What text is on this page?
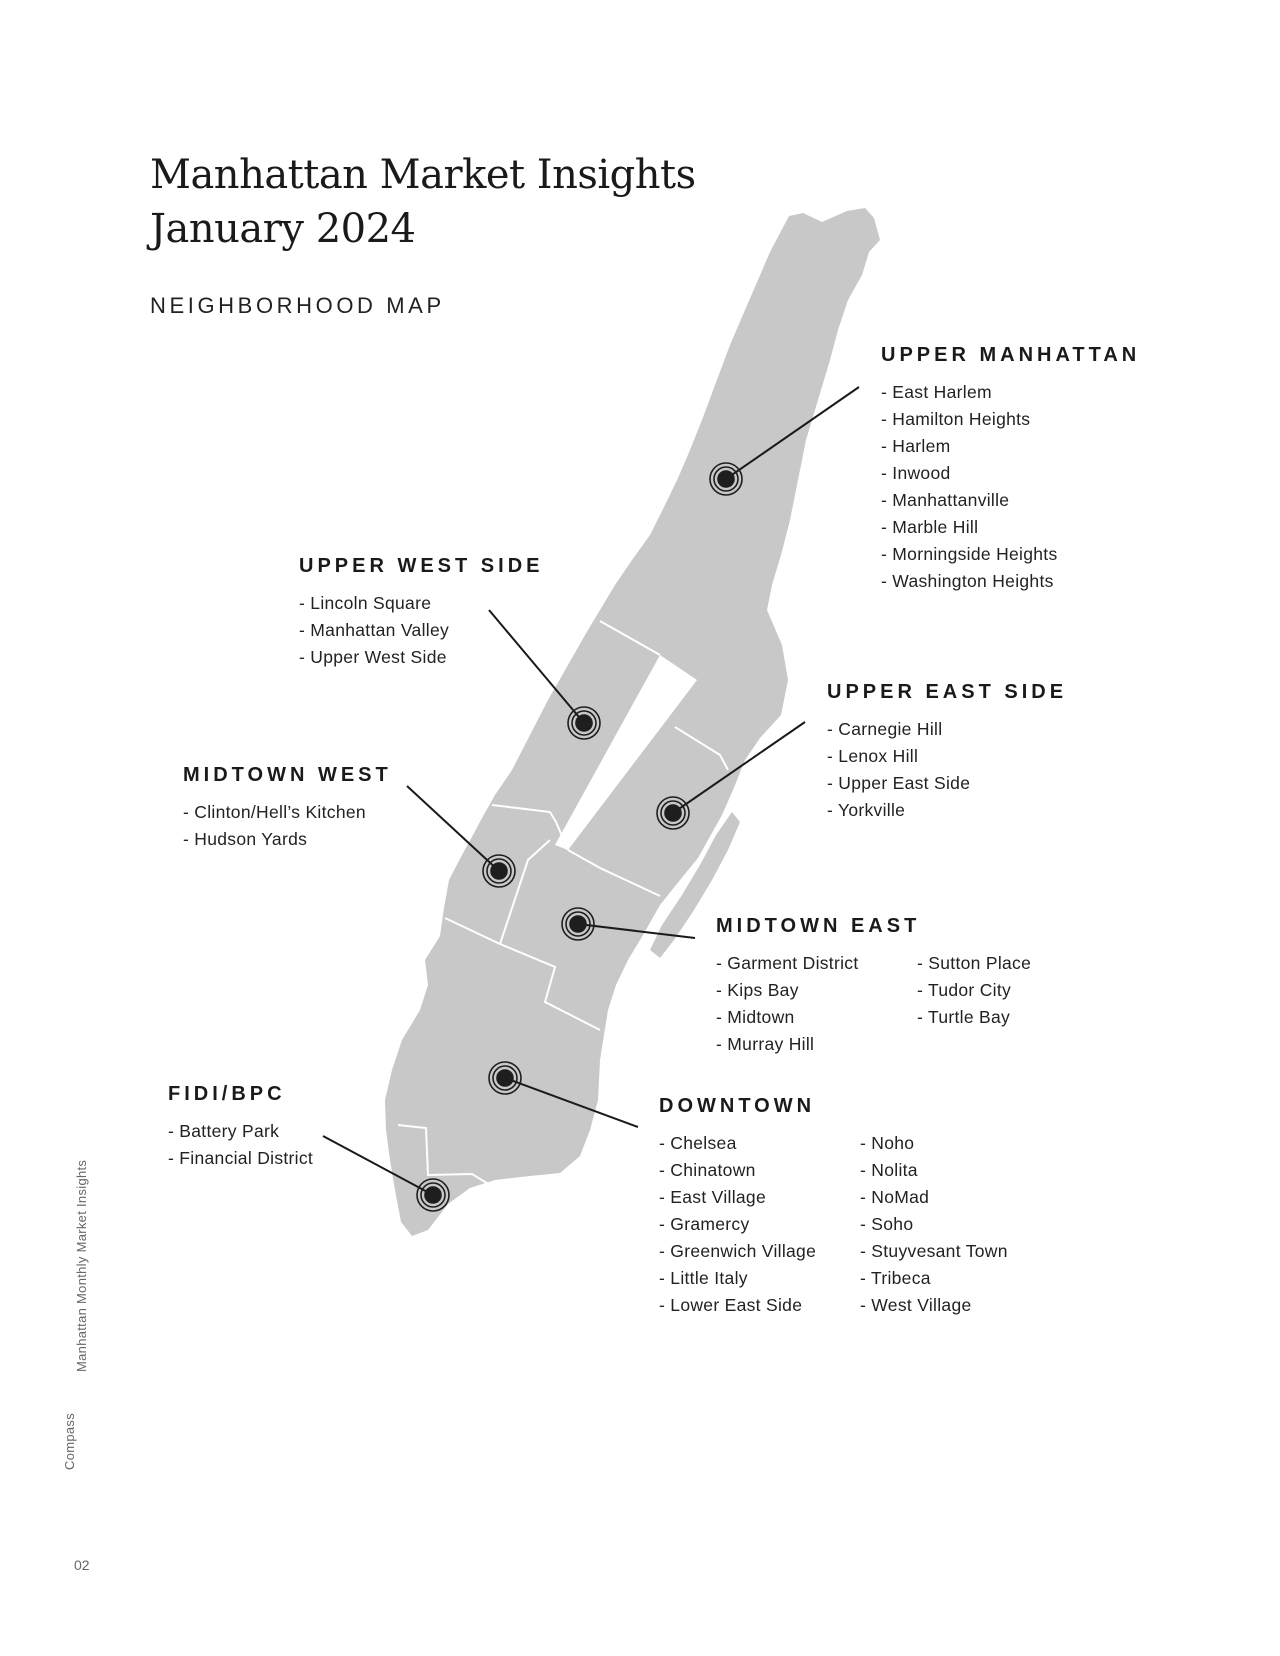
Manhattan Market Insights
January 2024
NEIGHBORHOOD MAP
UPPER MANHATTAN
- East Harlem
- Hamilton Heights
- Harlem
- Inwood
- Manhattanville
- Marble Hill
- Morningside Heights
- Washington Heights
UPPER WEST SIDE
- Lincoln Square
- Manhattan Valley
- Upper West Side
UPPER EAST SIDE
- Carnegie Hill
- Lenox Hill
- Upper East Side
- Yorkville
MIDTOWN WEST
- Clinton/Hell’s Kitchen
- Hudson Yards
MIDTOWN EAST
- Garment District
- Kips Bay
- Midtown
- Murray Hill
- Sutton Place
- Tudor City
- Turtle Bay
FIDI/BPC
- Battery Park
- Financial District
DOWNTOWN
- Chelsea
- Chinatown
- East Village
- Gramercy
- Greenwich Village
- Little Italy
- Lower East Side
- Noho
- Nolita
- NoMad
- Soho
- Stuyvesant Town
- Tribeca
- West Village
Manhattan Monthly Market Insights
Compass
02
